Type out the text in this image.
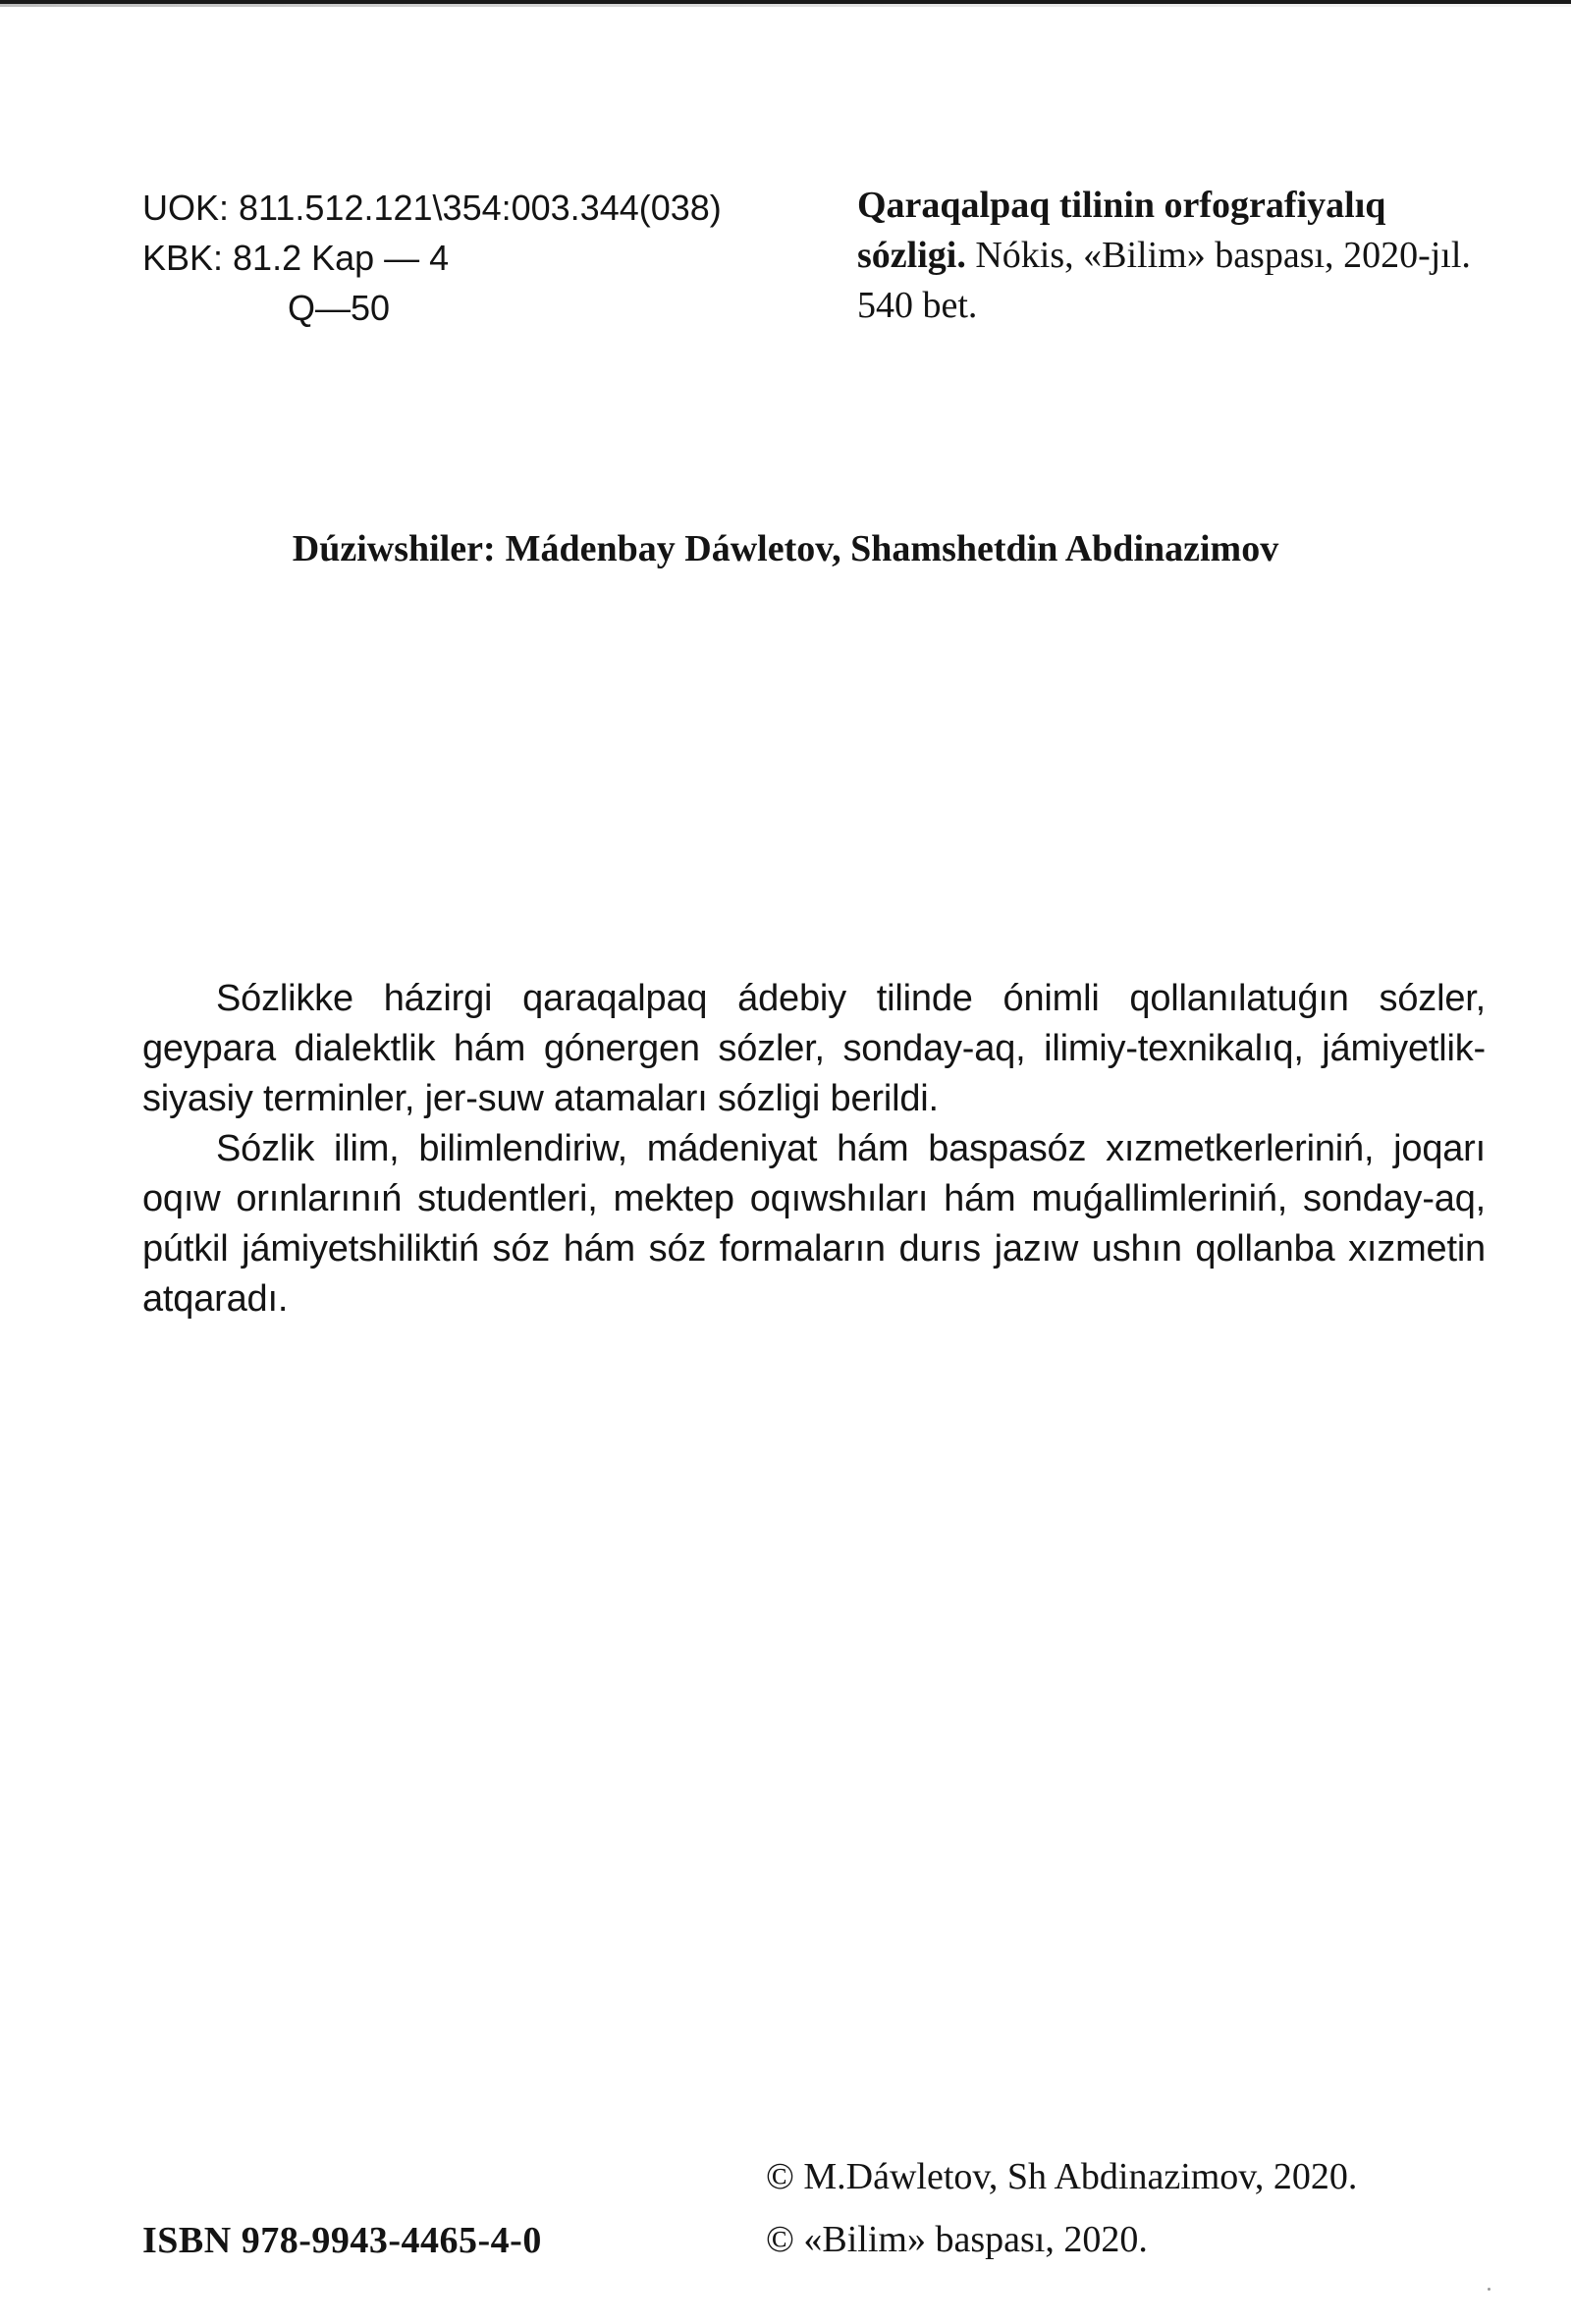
UOK: 811.512.121\354:003.344(038)
KBK: 81.2 Kap — 4
Q—50
Qaraqalpaq tilinin orfografiyalıq sózligi. Nókis, «Bilim» baspası, 2020-jıl. 540 bet.
Dúziwshiler: Mádenbay Dáwletov, Shamshetdin Abdinazimov

Sózlikke házirgi qaraqalpaq ádebiy tilinde ónimli qollanılatuǵın sózler, geypara dialektlik hám gónergen sózler, sonday-aq, ilimiy-texnikalıq, jámiyetlik-siyasiy terminler, jer-suw atamaları sózligi berildi.

Sózlik ilim, bilimlendiriw, mádeniyat hám baspasóz xızmetkerleriniń, joqarı oqıw orınlarınıń studentleri, mektep oqıwshıları hám muǵallimleriniń, sonday-aq, pútkil jámiyetshiliktiń sóz hám sóz formaların durıs jazıw ushın qollanba xızmetin atqaradı.

© M.Dáwletov, Sh Abdinazimov, 2020.
© «Bilim» baspası, 2020.
ISBN 978-9943-4465-4-0
